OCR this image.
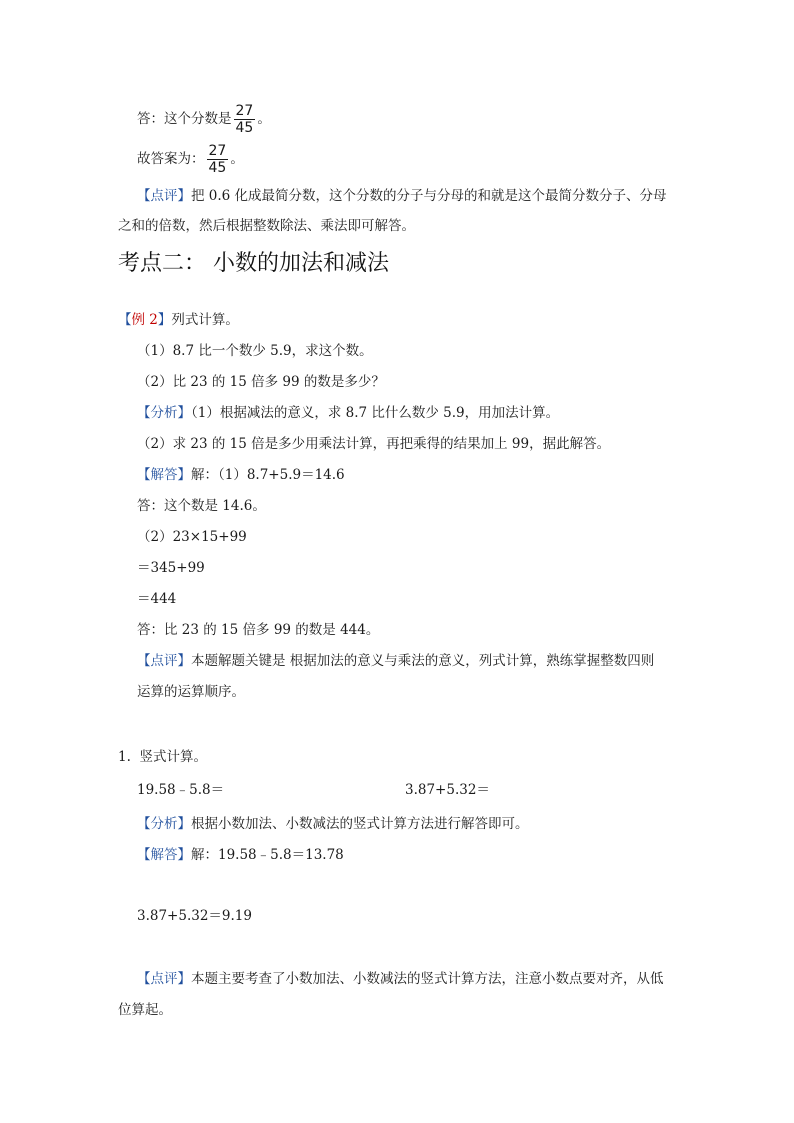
答：这个分数是 $\frac{27}{45}$ 。
故答案为： $\frac{27}{45}$ 。
【点评】把 0.6 化成最简分数，这个分数的分子与分母的和就是这个最简分数分子、分母
之和的倍数，然后根据整数除法、乘法即可解答。
考点二： 小数的加法和减法
【例 2】列式计算。
（1）8.7 比一个数少 5.9，求这个数。
（2）比 23 的 15 倍多 99 的数是多少？
【分析】（1）根据减法的意义，求 8.7 比什么数少 5.9，用加法计算。
（2）求 23 的 15 倍是多少用乘法计算，再把乘得的结果加上 99，据此解答。
【解答】解：（1）8.7+5.9＝14.6
答：这个数是 14.6。
（2）23×15+99
＝345+99
＝444
答：比 23 的 15 倍多 99 的数是 444。
【点评】本题解题关键是 根据加法的意义与乘法的意义，列式计算，熟练掌握整数四则
运算的运算顺序。
1. 竖式计算。
19.58﹣5.8＝	3.87+5.32＝
【分析】根据小数加法、小数减法的竖式计算方法进行解答即可。
【解答】解：19.58﹣5.8＝13.78
3.87+5.32＝9.19
【点评】本题主要考查了小数加法、小数减法的竖式计算方法，注意小数点要对齐，从低
位算起。
